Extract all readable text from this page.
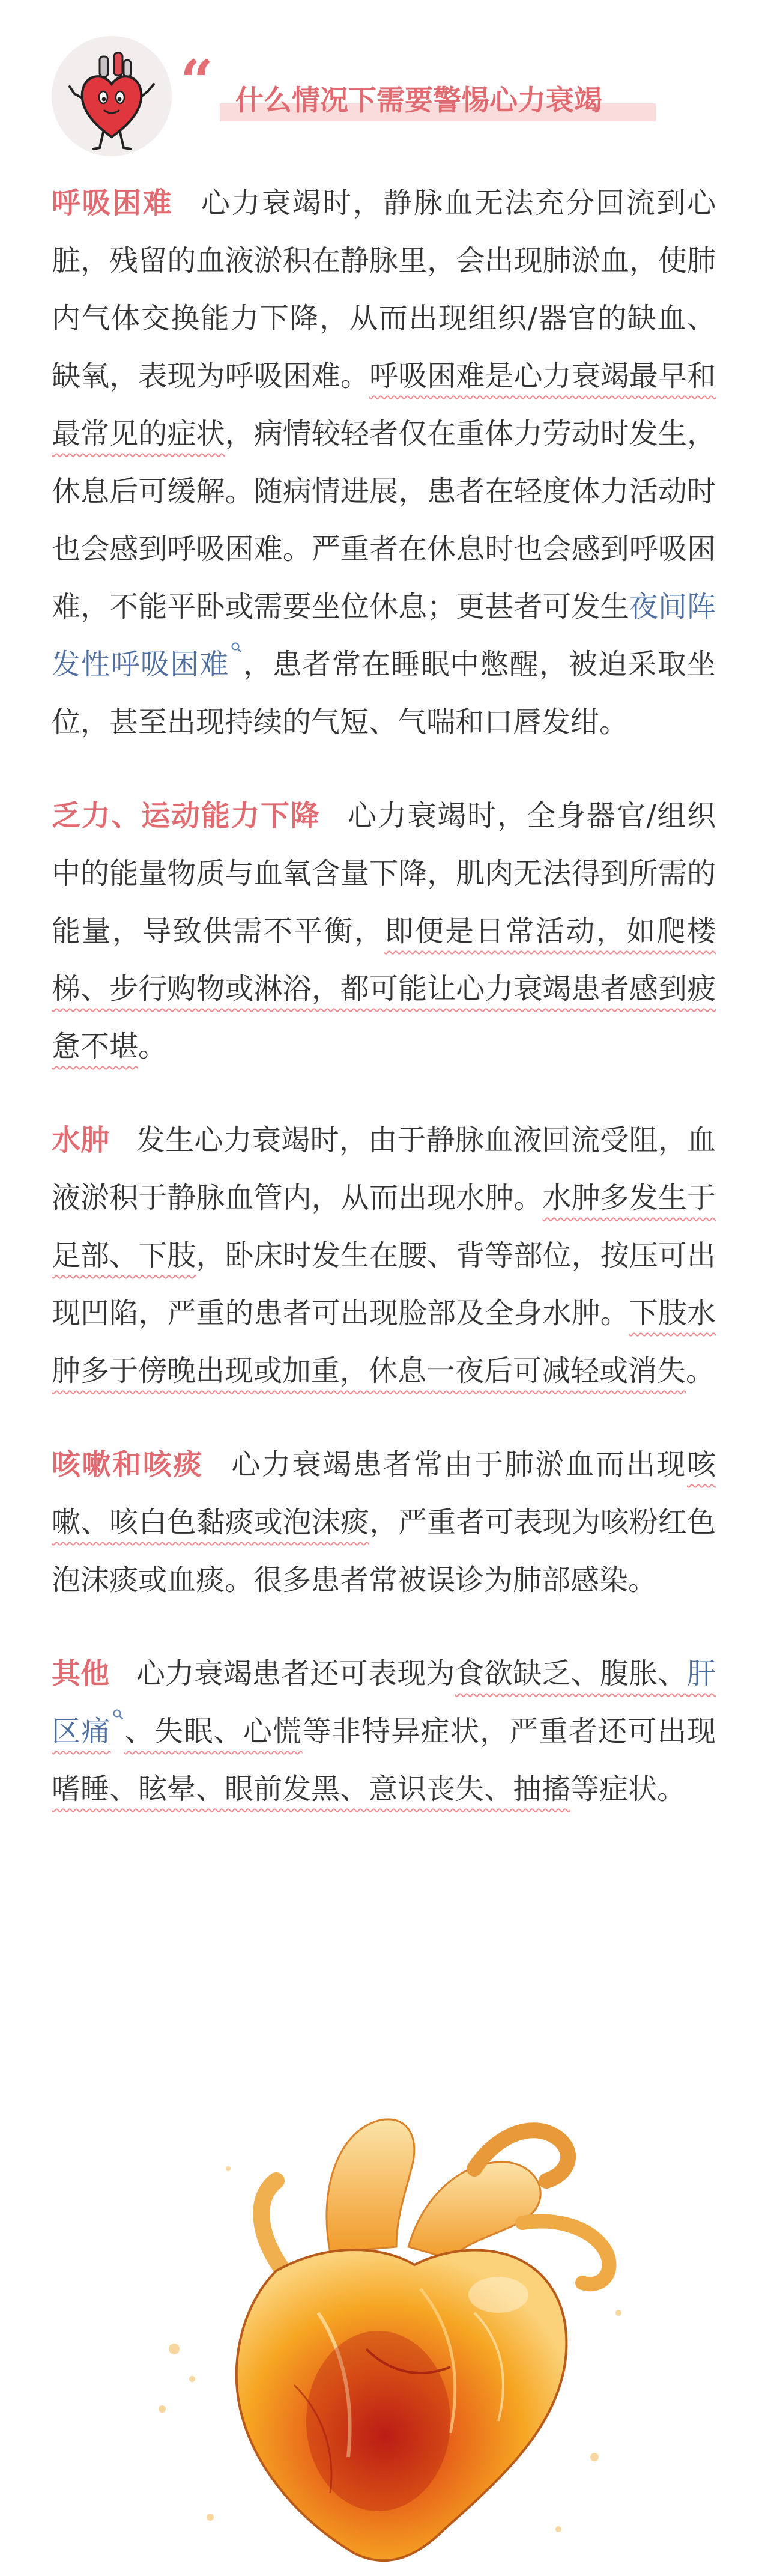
“ 什么情况下需要警惕心力衰竭

呼吸困难 心力衰竭时，静脉血无法充分回流到心脏，残留的血液淤积在静脉里，会出现肺淤血，使肺内气体交换能力下降，从而出现组织/器官的缺血、缺氧，表现为呼吸困难。呼吸困难是心力衰竭最早和最常见的症状，病情较轻者仅在重体力劳动时发生，休息后可缓解。随病情进展，患者在轻度体力活动时也会感到呼吸困难。严重者在休息时也会感到呼吸困难，不能平卧或需要坐位休息；更甚者可发生夜间阵发性呼吸困难 ，患者常在睡眠中憋醒，被迫采取坐位，甚至出现持续的气短、气喘和口唇发绀。

乏力、运动能力下降 心力衰竭时，全身器官/组织中的能量物质与血氧含量下降，肌肉无法得到所需的能量，导致供需不平衡，即便是日常活动，如爬楼梯、步行购物或淋浴，都可能让心力衰竭患者感到疲惫不堪。

水肿 发生心力衰竭时，由于静脉血液回流受阻，血液淤积于静脉血管内，从而出现水肿。水肿多发生于足部、下肢，卧床时发生在腰、背等部位，按压可出现凹陷，严重的患者可出现脸部及全身水肿。下肢水肿多于傍晚出现或加重，休息一夜后可减轻或消失。

咳嗽和咳痰 心力衰竭患者常由于肺淤血而出现咳嗽、咳白色黏痰或泡沫痰，严重者可表现为咳粉红色泡沫痰或血痰。很多患者常被误诊为肺部感染。

其他 心力衰竭患者还可表现为食欲缺乏、腹胀、肝区痛 、失眠、心慌等非特异症状，严重者还可出现嗜睡、眩晕、眼前发黑、意识丧失、抽搐等症状。
